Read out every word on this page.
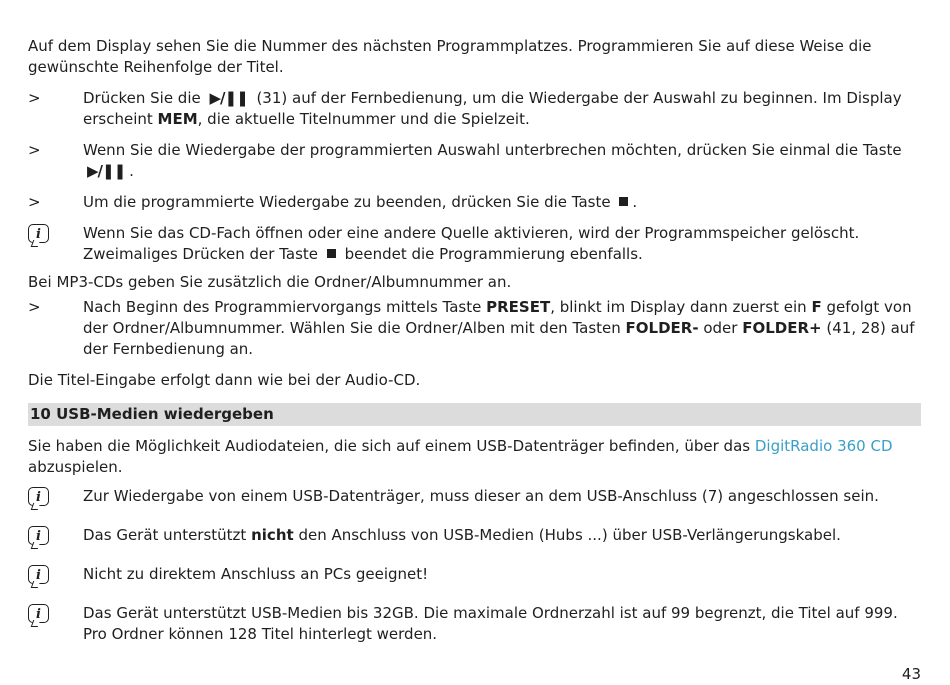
Auf dem Display sehen Sie die Nummer des nächsten Programmplatzes. Programmieren Sie auf diese Weise die gewünschte Reihenfolge der Titel.

>	Drücken Sie die ▶/❚❚ (31) auf der Fernbedienung, um die Wiedergabe der Auswahl zu beginnen. Im Display erscheint MEM, die aktuelle Titelnummer und die Spielzeit.

>	Wenn Sie die Wiedergabe der programmierten Auswahl unterbrechen möchten, drücken Sie einmal die Taste ▶/❚❚ .

>	Um die programmierte Wiedergabe zu beenden, drücken Sie die Taste .

i

Wenn Sie das CD-Fach öffnen oder eine andere Quelle aktivieren, wird der Programmspeicher gelöscht. Zweimaliges Drücken der Taste beendet die Programmierung ebenfalls.

Bei MP3-CDs geben Sie zusätzlich die Ordner/Albumnummer an.

>	Nach Beginn des Programmiervorgangs mittels Taste PRESET, blinkt im Display dann zuerst ein F gefolgt von der Ordner/Albumnummer. Wählen Sie die Ordner/Alben mit den Tasten FOLDER- oder FOLDER+ (41, 28) auf der Fernbedienung an.

Die Titel-Eingabe erfolgt dann wie bei der Audio-CD.

10 USB-Medien wiedergeben

Sie haben die Möglichkeit Audiodateien, die sich auf einem USB-Datenträger befinden, über das DigitRadio 360 CD abzuspielen.

i

Zur Wiedergabe von einem USB-Datenträger, muss dieser an dem USB-Anschluss (7) angeschlossen sein.

i

Das Gerät unterstützt nicht den Anschluss von USB-Medien (Hubs ...) über USB-Verlängerungskabel.

i

Nicht zu direktem Anschluss an PCs geeignet!

i

Das Gerät unterstützt USB-Medien bis 32GB. Die maximale Ordnerzahl ist auf 99 begrenzt, die Titel auf 999. Pro Ordner können 128 Titel hinterlegt werden.

43
